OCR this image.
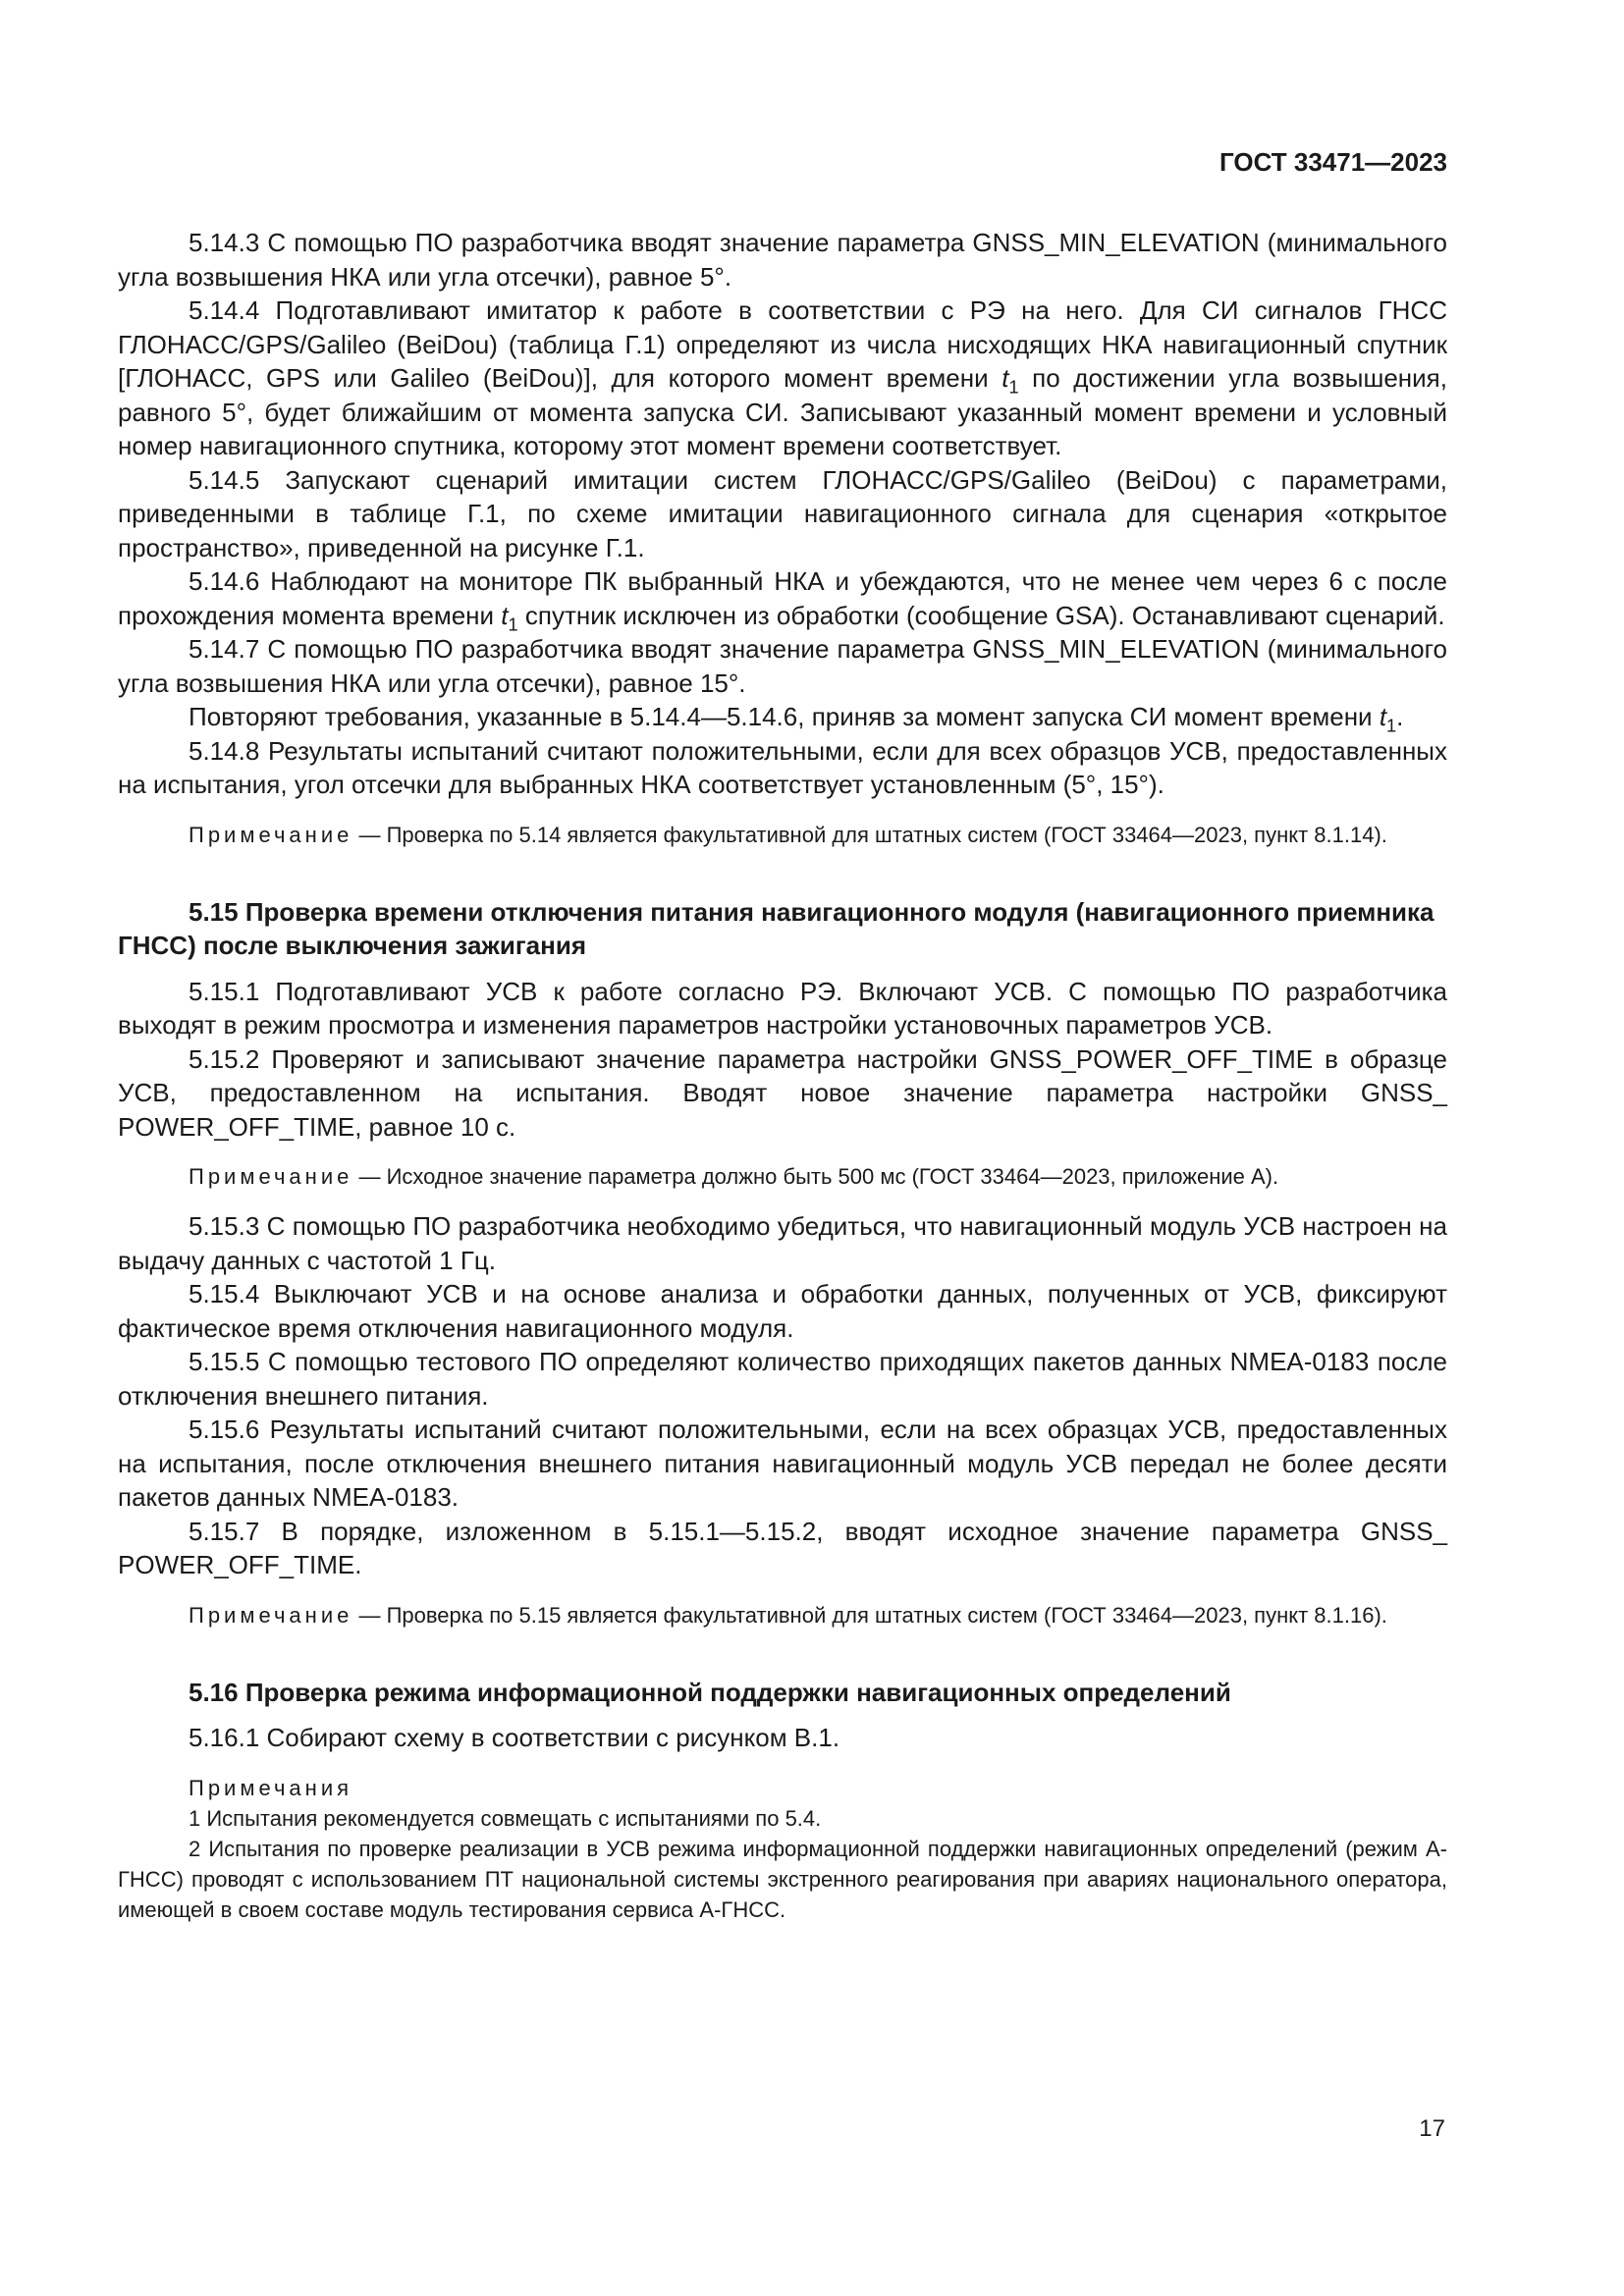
ГОСТ 33471—2023

5.14.3 С помощью ПО разработчика вводят значение параметра GNSS_MIN_ELEVATION (минимального угла возвышения НКА или угла отсечки), равное 5°.

5.14.4 Подготавливают имитатор к работе в соответствии с РЭ на него. Для СИ сигналов ГНСС ГЛОНАСС/GPS/Galileo (BeiDou) (таблица Г.1) определяют из числа нисходящих НКА навигационный спутник [ГЛОНАСС, GPS или Galileo (BeiDou)], для которого момент времени $t_1$ по достижении угла возвышения, равного 5°, будет ближайшим от момента запуска СИ. Записывают указанный момент времени и условный номер навигационного спутника, которому этот момент времени соответствует.

5.14.5 Запускают сценарий имитации систем ГЛОНАСС/GPS/Galileo (BeiDou) с параметрами, приведенными в таблице Г.1, по схеме имитации навигационного сигнала для сценария «открытое пространство», приведенной на рисунке Г.1.

5.14.6 Наблюдают на мониторе ПК выбранный НКА и убеждаются, что не менее чем через 6 с после прохождения момента времени $t_1$ спутник исключен из обработки (сообщение GSA). Останавливают сценарий.

5.14.7 С помощью ПО разработчика вводят значение параметра GNSS_MIN_ELEVATION (минимального угла возвышения НКА или угла отсечки), равное 15°.

Повторяют требования, указанные в 5.14.4—5.14.6, приняв за момент запуска СИ момент времени $t_1$.

5.14.8 Результаты испытаний считают положительными, если для всех образцов УСВ, предоставленных на испытания, угол отсечки для выбранных НКА соответствует установленным (5°, 15°).

Примечание — Проверка по 5.14 является факультативной для штатных систем (ГОСТ 33464—2023, пункт 8.1.14).

5.15 Проверка времени отключения питания навигационного модуля (навигационного приемника ГНСС) после выключения зажигания

5.15.1 Подготавливают УСВ к работе согласно РЭ. Включают УСВ. С помощью ПО разработчика выходят в режим просмотра и изменения параметров настройки установочных параметров УСВ.

5.15.2 Проверяют и записывают значение параметра настройки GNSS_POWER_OFF_TIME в образце УСВ, предоставленном на испытания. Вводят новое значение параметра настройки GNSS_ POWER_OFF_TIME, равное 10 с.

Примечание — Исходное значение параметра должно быть 500 мс (ГОСТ 33464—2023, приложение А).

5.15.3 С помощью ПО разработчика необходимо убедиться, что навигационный модуль УСВ настроен на выдачу данных с частотой 1 Гц.

5.15.4 Выключают УСВ и на основе анализа и обработки данных, полученных от УСВ, фиксируют фактическое время отключения навигационного модуля.

5.15.5 С помощью тестового ПО определяют количество приходящих пакетов данных NMEA-0183 после отключения внешнего питания.

5.15.6 Результаты испытаний считают положительными, если на всех образцах УСВ, предоставленных на испытания, после отключения внешнего питания навигационный модуль УСВ передал не более десяти пакетов данных NMEA-0183.

5.15.7 В порядке, изложенном в 5.15.1—5.15.2, вводят исходное значение параметра GNSS_ POWER_OFF_TIME.

Примечание — Проверка по 5.15 является факультативной для штатных систем (ГОСТ 33464—2023, пункт 8.1.16).

5.16 Проверка режима информационной поддержки навигационных определений

5.16.1 Собирают схему в соответствии с рисунком В.1.

Примечания

1 Испытания рекомендуется совмещать с испытаниями по 5.4.

2 Испытания по проверке реализации в УСВ режима информационной поддержки навигационных определений (режим А-ГНСС) проводят с использованием ПТ национальной системы экстренного реагирования при авариях национального оператора, имеющей в своем составе модуль тестирования сервиса А-ГНСС.

17
